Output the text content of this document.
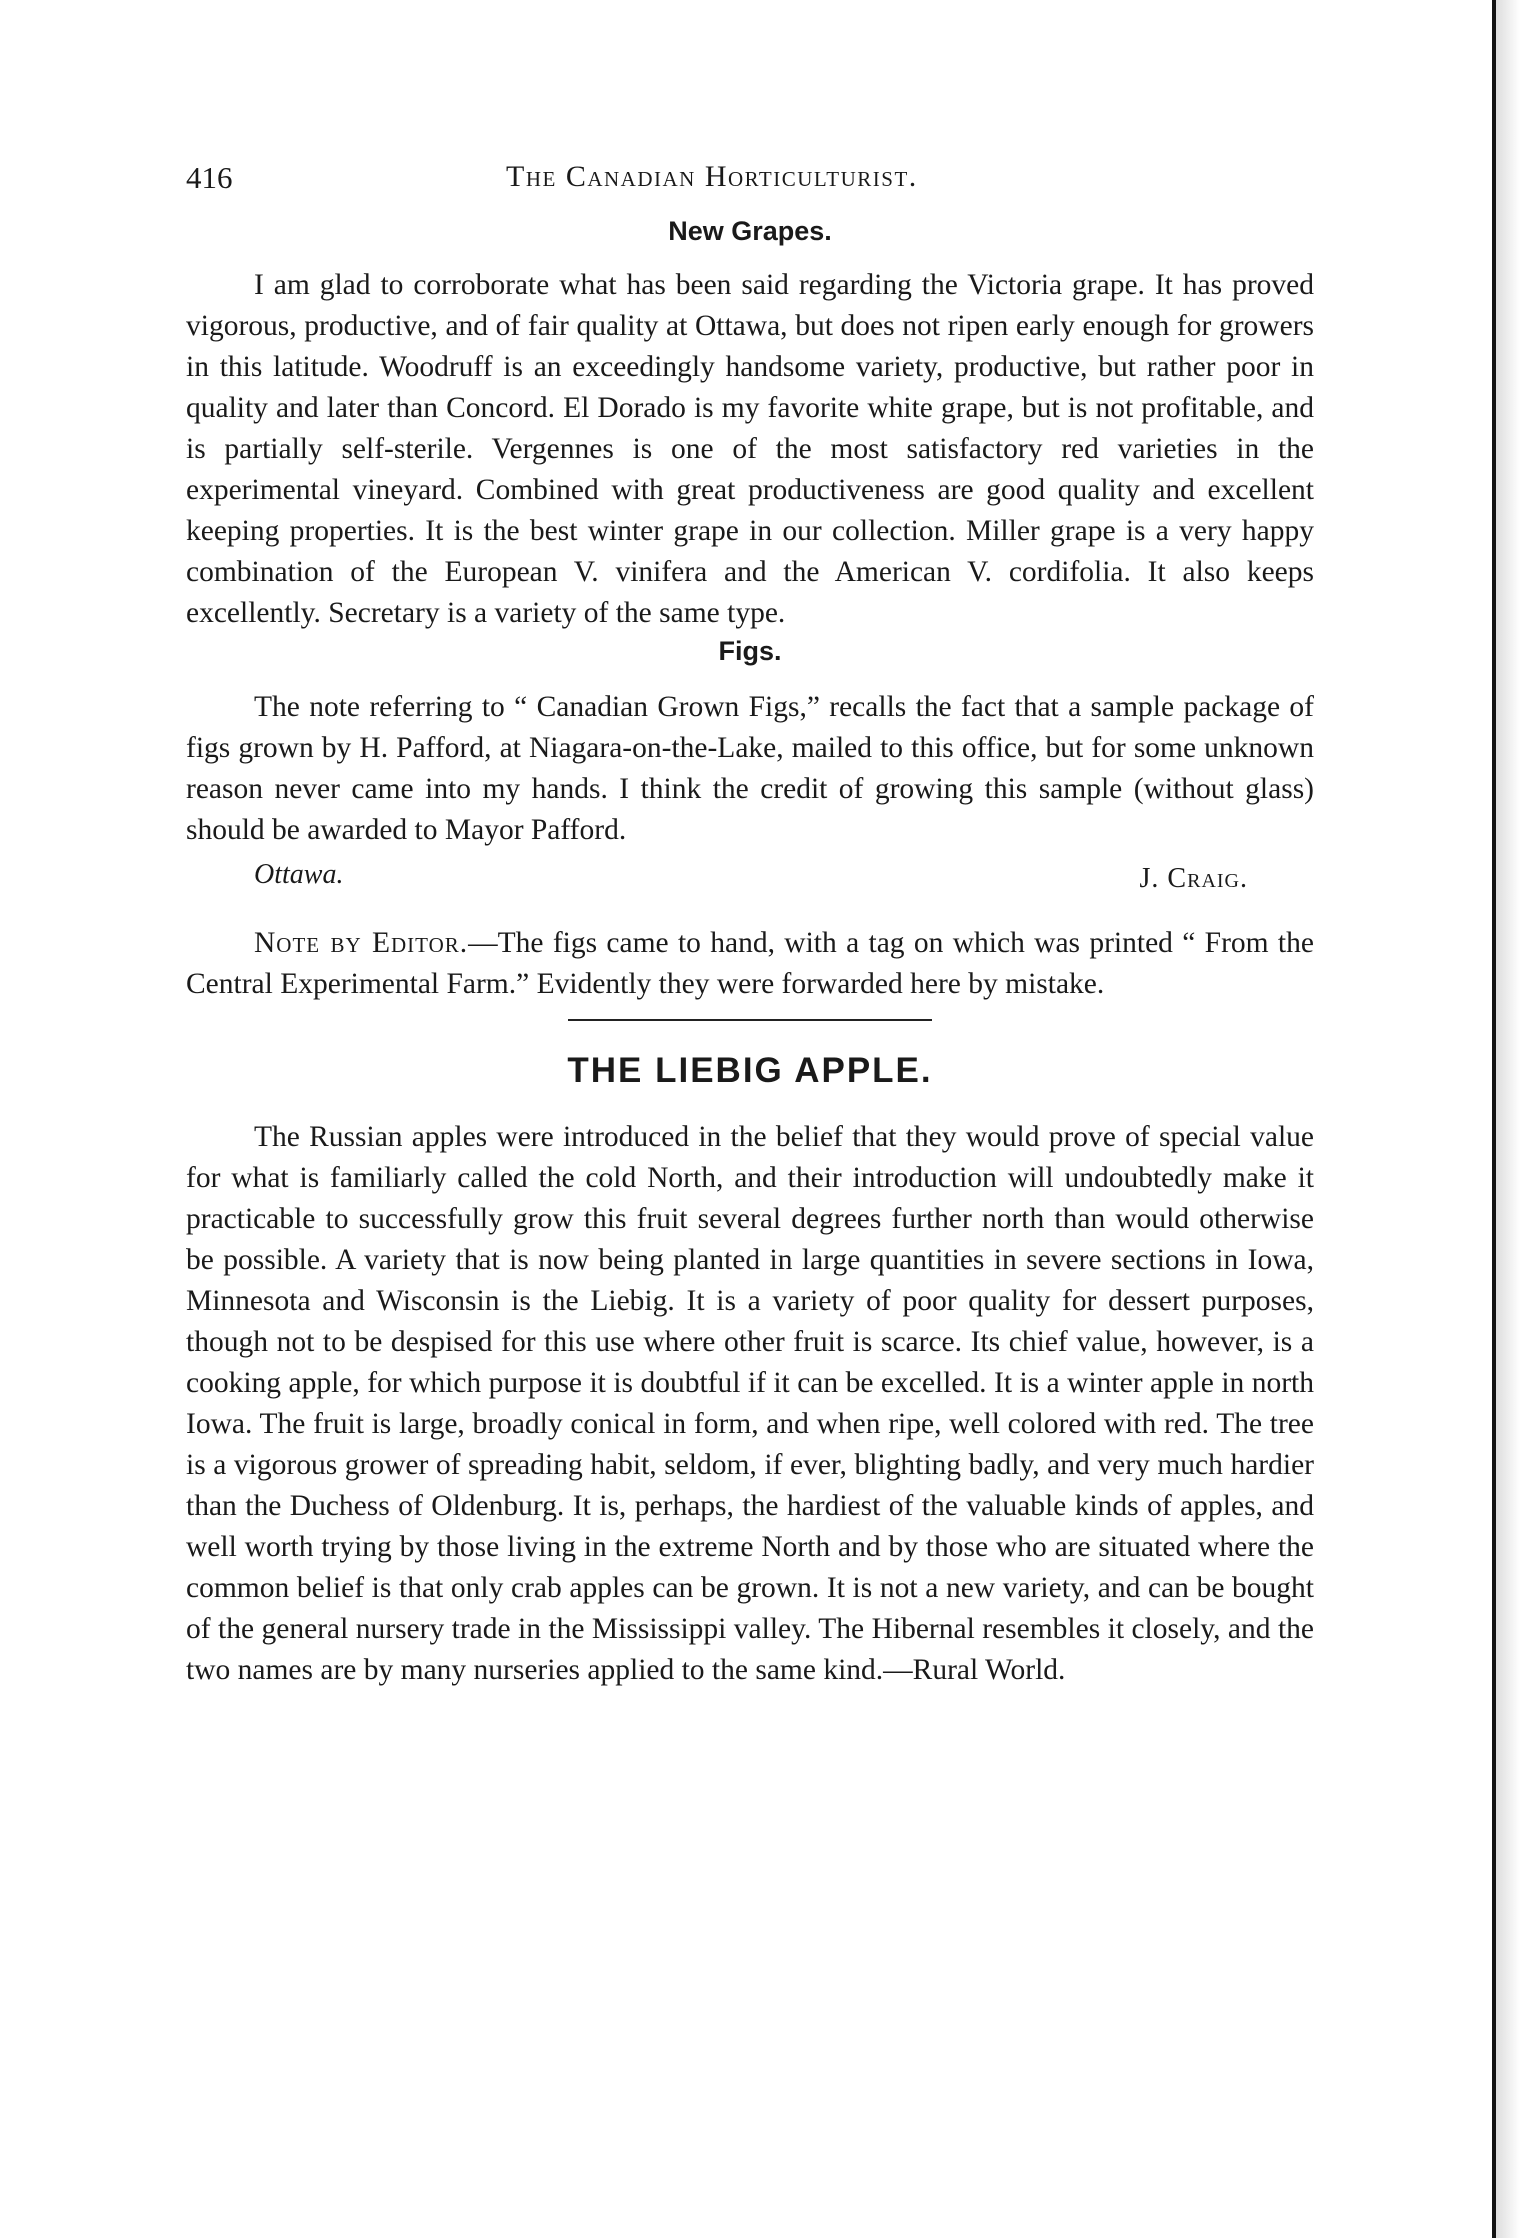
416	The Canadian Horticulturist.
New Grapes.

I am glad to corroborate what has been said regarding the Victoria grape. It has proved vigorous, productive, and of fair quality at Ottawa, but does not ripen early enough for growers in this latitude. Woodruff is an exceedingly handsome variety, productive, but rather poor in quality and later than Concord. El Dorado is my favorite white grape, but is not profitable, and is partially self-sterile. Vergennes is one of the most satisfactory red varieties in the experimental vineyard. Combined with great productiveness are good quality and excellent keeping properties. It is the best winter grape in our collection. Miller grape is a very happy combination of the European V. vinifera and the American V. cordifolia. It also keeps excellently. Secretary is a variety of the same type.

Figs.

The note referring to “ Canadian Grown Figs,” recalls the fact that a sample package of figs grown by H. Pafford, at Niagara-on-the-Lake, mailed to this office, but for some unknown reason never came into my hands. I think the credit of growing this sample (without glass) should be awarded to Mayor Pafford.

Ottawa.	J. Craig.

Note by Editor.—The figs came to hand, with a tag on which was printed “ From the Central Experimental Farm.” Evidently they were forwarded here by mistake.

THE LIEBIG APPLE.

The Russian apples were introduced in the belief that they would prove of special value for what is familiarly called the cold North, and their introduction will undoubtedly make it practicable to successfully grow this fruit several degrees further north than would otherwise be possible. A variety that is now being planted in large quantities in severe sections in Iowa, Minnesota and Wisconsin is the Liebig. It is a variety of poor quality for dessert purposes, though not to be despised for this use where other fruit is scarce. Its chief value, however, is a cooking apple, for which purpose it is doubtful if it can be excelled. It is a winter apple in north Iowa. The fruit is large, broadly conical in form, and when ripe, well colored with red. The tree is a vigorous grower of spreading habit, seldom, if ever, blighting badly, and very much hardier than the Duchess of Oldenburg. It is, perhaps, the hardiest of the valuable kinds of apples, and well worth trying by those living in the extreme North and by those who are situated where the common belief is that only crab apples can be grown. It is not a new variety, and can be bought of the general nursery trade in the Mississippi valley. The Hibernal resembles it closely, and the two names are by many nurseries applied to the same kind.—Rural World.
